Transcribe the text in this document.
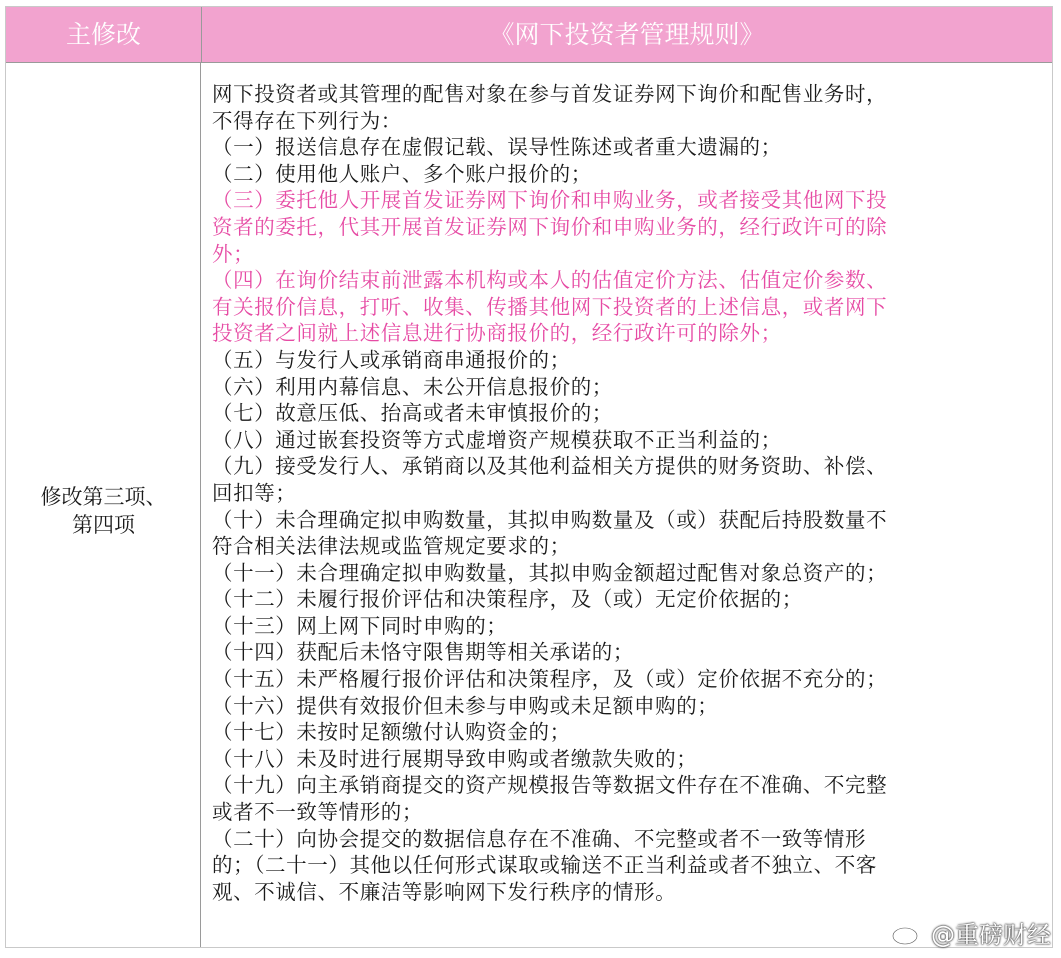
主修改	《网下投资者管理规则》
修改第三项、
第四项
网下投资者或其管理的配售对象在参与首发证券网下询价和配售业务时，
不得存在下列行为：
（一）报送信息存在虚假记载、误导性陈述或者重大遗漏的；
（二）使用他人账户、多个账户报价的；
（三）委托他人开展首发证券网下询价和申购业务，或者接受其他网下投
资者的委托，代其开展首发证券网下询价和申购业务的，经行政许可的除
外；
（四）在询价结束前泄露本机构或本人的估值定价方法、估值定价参数、
有关报价信息，打听、收集、传播其他网下投资者的上述信息，或者网下
投资者之间就上述信息进行协商报价的，经行政许可的除外；
（五）与发行人或承销商串通报价的；
（六）利用内幕信息、未公开信息报价的；
（七）故意压低、抬高或者未审慎报价的；
（八）通过嵌套投资等方式虚增资产规模获取不正当利益的；
（九）接受发行人、承销商以及其他利益相关方提供的财务资助、补偿、
回扣等；
（十）未合理确定拟申购数量，其拟申购数量及（或）获配后持股数量不
符合相关法律法规或监管规定要求的；
（十一）未合理确定拟申购数量，其拟申购金额超过配售对象总资产的；
（十二）未履行报价评估和决策程序，及（或）无定价依据的；
（十三）网上网下同时申购的；
（十四）获配后未恪守限售期等相关承诺的；
（十五）未严格履行报价评估和决策程序，及（或）定价依据不充分的；
（十六）提供有效报价但未参与申购或未足额申购的；
（十七）未按时足额缴付认购资金的；
（十八）未及时进行展期导致申购或者缴款失败的；
（十九）向主承销商提交的资产规模报告等数据文件存在不准确、不完整
或者不一致等情形的；
（二十）向协会提交的数据信息存在不准确、不完整或者不一致等情形
的；（二十一）其他以任何形式谋取或输送不正当利益或者不独立、不客
观、不诚信、不廉洁等影响网下发行秩序的情形。
@重磅财经
